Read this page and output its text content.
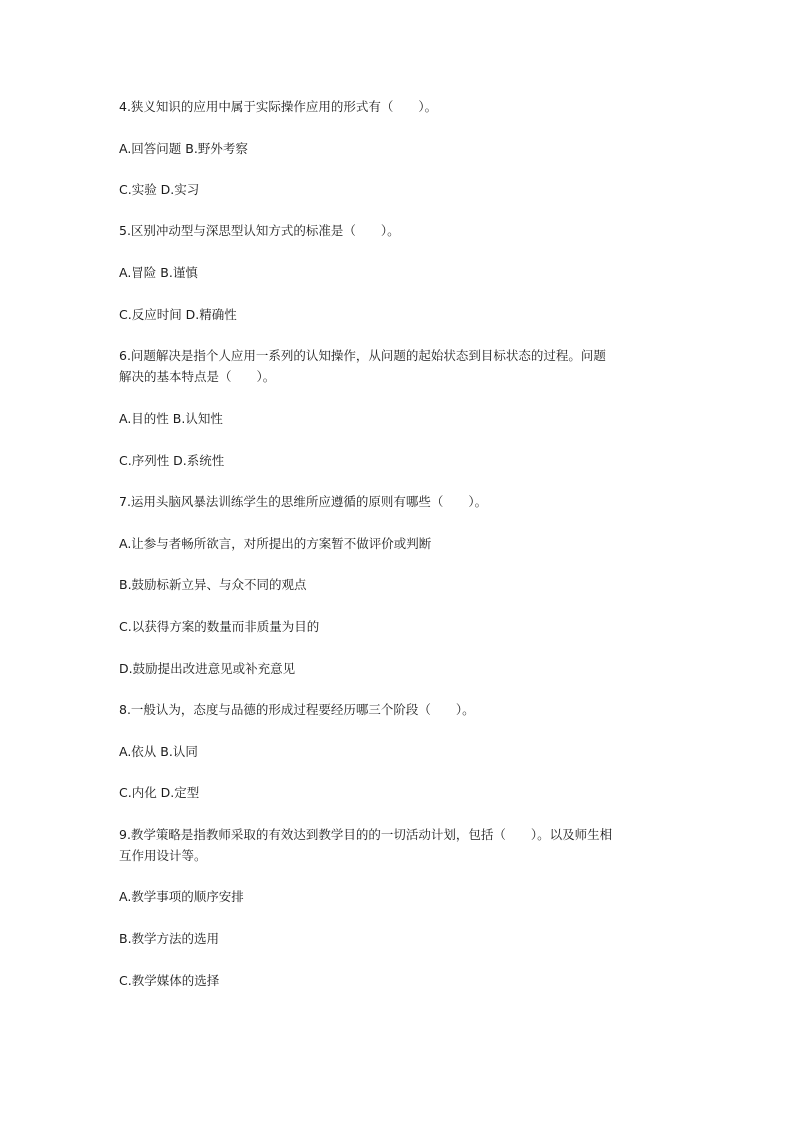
4.狭义知识的应用中属于实际操作应用的形式有（　　）。

A.回答问题 B.野外考察

C.实验 D.实习

5.区别冲动型与深思型认知方式的标准是（　　）。

A.冒险 B.谨慎

C.反应时间 D.精确性

6.问题解决是指个人应用一系列的认知操作，从问题的起始状态到目标状态的过程。问题

解决的基本特点是（　　）。

A.目的性 B.认知性

C.序列性 D.系统性

7.运用头脑风暴法训练学生的思维所应遵循的原则有哪些（　　）。

A.让参与者畅所欲言，对所提出的方案暂不做评价或判断

B.鼓励标新立异、与众不同的观点

C.以获得方案的数量而非质量为目的

D.鼓励提出改进意见或补充意见

8.一般认为，态度与品德的形成过程要经历哪三个阶段（　　）。

A.依从 B.认同

C.内化 D.定型

9.教学策略是指教师采取的有效达到教学目的的一切活动计划，包括（　　）。以及师生相

互作用设计等。

A.教学事项的顺序安排

B.教学方法的选用

C.教学媒体的选择
